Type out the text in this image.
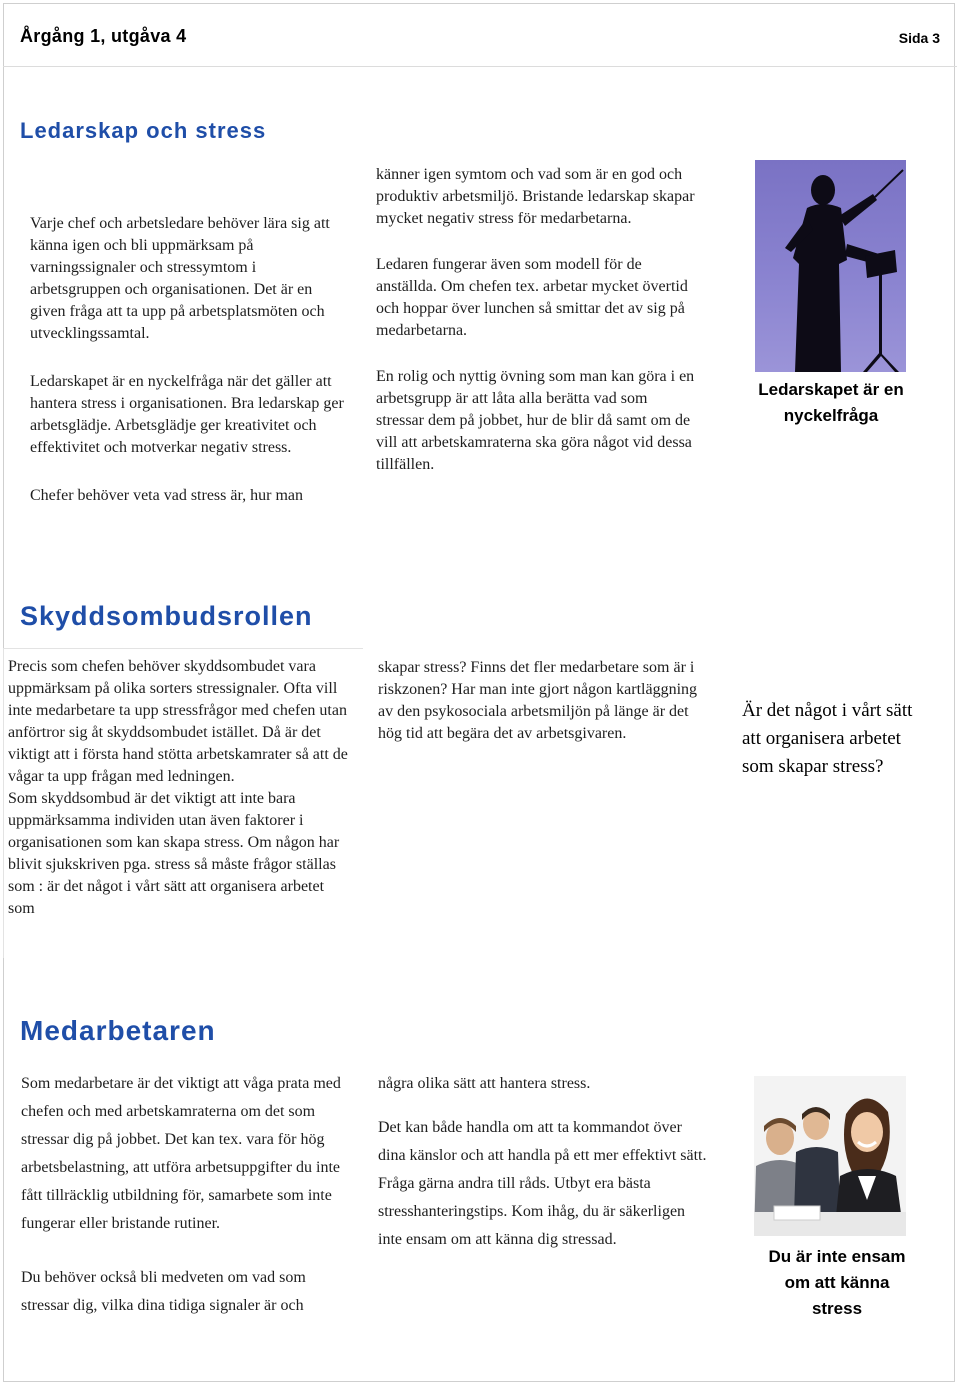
Årgång 1, utgåva 4	Sida 3
Ledarskap och stress

Varje chef och arbetsledare behöver lära sig att känna igen och bli uppmärksam på varningssignaler och stressymtom i arbetsgruppen och organisationen. Det är en given fråga att ta upp på arbetsplatsmöten och utvecklingssamtal.

Ledarskapet är en nyckelfråga när det gäller att hantera stress i organisationen. Bra ledarskap ger arbetsglädje. Arbetsglädje ger kreativitet och effektivitet och motverkar negativ stress.

Chefer behöver veta vad stress är, hur man

känner igen symtom och vad som är en god och produktiv arbetsmiljö. Bristande ledarskap skapar mycket negativ stress för medarbetarna.

Ledaren fungerar även som modell för de anställda. Om chefen tex. arbetar mycket övertid och hoppar över lunchen så smittar det av sig på medarbetarna.

En rolig och nyttig övning som man kan göra i en arbetsgrupp är att låta alla berätta vad som stressar dem på jobbet, hur de blir då samt om de vill att arbetskamraterna ska göra något vid dessa tillfällen.

Ledarskapet är en nyckelfråga
Skyddsombudsrollen

Precis som chefen behöver skyddsombudet vara uppmärksam på olika sorters stressignaler. Ofta vill inte medarbetare ta upp stressfrågor med chefen utan anförtror sig åt skyddsombudet istället. Då är det viktigt att i första hand stötta arbetskamrater så att de vågar ta upp frågan med ledningen.

Som skyddsombud är det viktigt att inte bara uppmärksamma individen utan även faktorer i organisationen som kan skapa stress. Om någon har blivit sjukskriven pga. stress så måste frågor ställas som : är det något i vårt sätt att organisera arbetet som

skapar stress? Finns det fler medarbetare som är i riskzonen? Har man inte gjort någon kartläggning av den psykosociala arbetsmiljön på länge är det hög tid att begära det av arbetsgivaren.

Är det något i vårt sätt att organisera arbetet som skapar stress?
Medarbetaren

Som medarbetare är det viktigt att våga prata med chefen och med arbetskamraterna om det som stressar dig på jobbet. Det kan tex. vara för hög arbetsbelastning, att utföra arbetsuppgifter du inte fått tillräcklig utbildning för, samarbete som inte fungerar eller bristande rutiner.

Du behöver också bli medveten om vad som stressar dig, vilka dina tidiga signaler är och

några olika sätt att hantera stress.

Det kan både handla om att ta kommandot över dina känslor och att handla på ett mer effektivt sätt. Fråga gärna andra till råds. Utbyt era bästa stresshanteringstips. Kom ihåg, du är säkerligen inte ensam om att känna dig stressad.

Du är inte ensam om att känna stress
